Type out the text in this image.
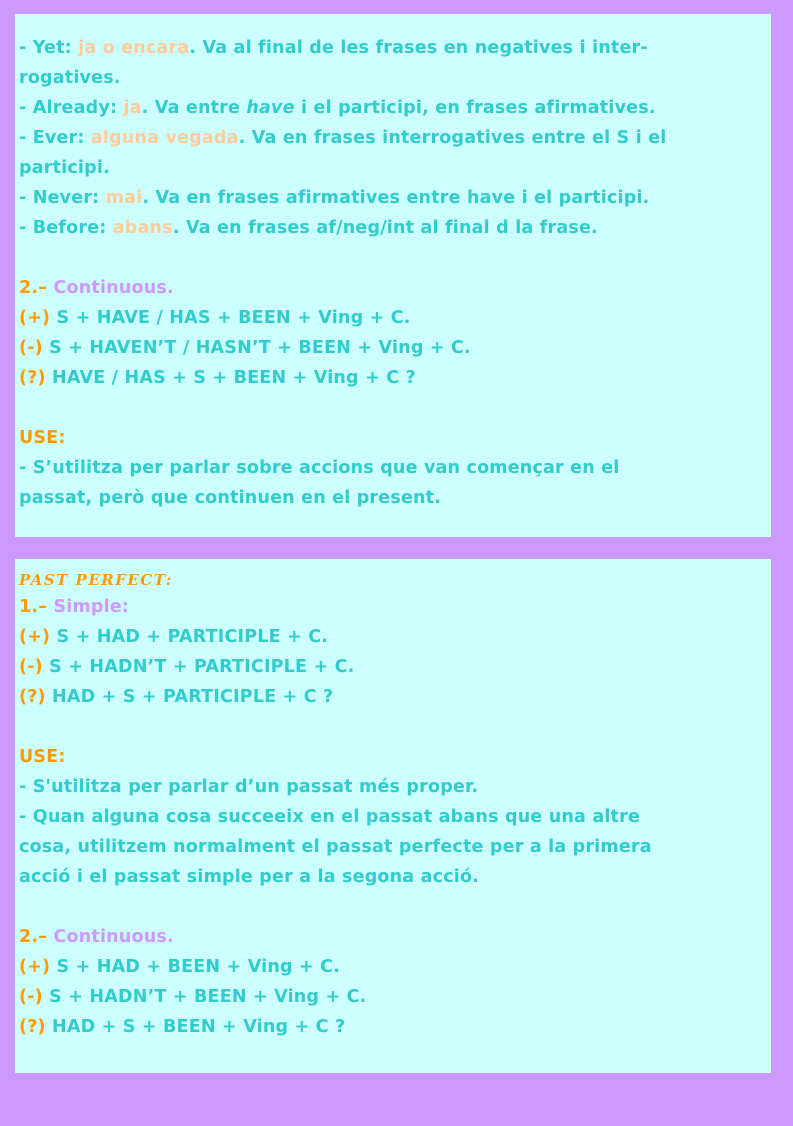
- Yet: ja o encara. Va al final de les frases en negatives i inter-
rogatives.
- Already: ja. Va entre have i el participi, en frases afirmatives.
- Ever: alguna vegada. Va en frases interrogatives entre el S i el
participi.
- Never: mai. Va en frases afirmatives entre have i el participi.
- Before: abans. Va en frases af/neg/int al final d la frase.
2.– Continuous.
(+) S + HAVE / HAS + BEEN + Ving + C.
(-) S + HAVEN’T / HASN’T + BEEN + Ving + C.
(?) HAVE / HAS + S + BEEN + Ving + C ?
USE:
- S’utilitza per parlar sobre accions que van començar en el
passat, però que continuen en el present.
PAST PERFECT:
1.– Simple:
(+) S + HAD + PARTICIPLE + C.
(-) S + HADN’T + PARTICIPLE + C.
(?) HAD + S + PARTICIPLE + C ?
USE:
- S'utilitza per parlar d’un passat més proper.
- Quan alguna cosa succeeix en el passat abans que una altre
cosa, utilitzem normalment el passat perfecte per a la primera
acció i el passat simple per a la segona acció.
2.– Continuous.
(+) S + HAD + BEEN + Ving + C.
(-) S + HADN’T + BEEN + Ving + C.
(?) HAD + S + BEEN + Ving + C ?
